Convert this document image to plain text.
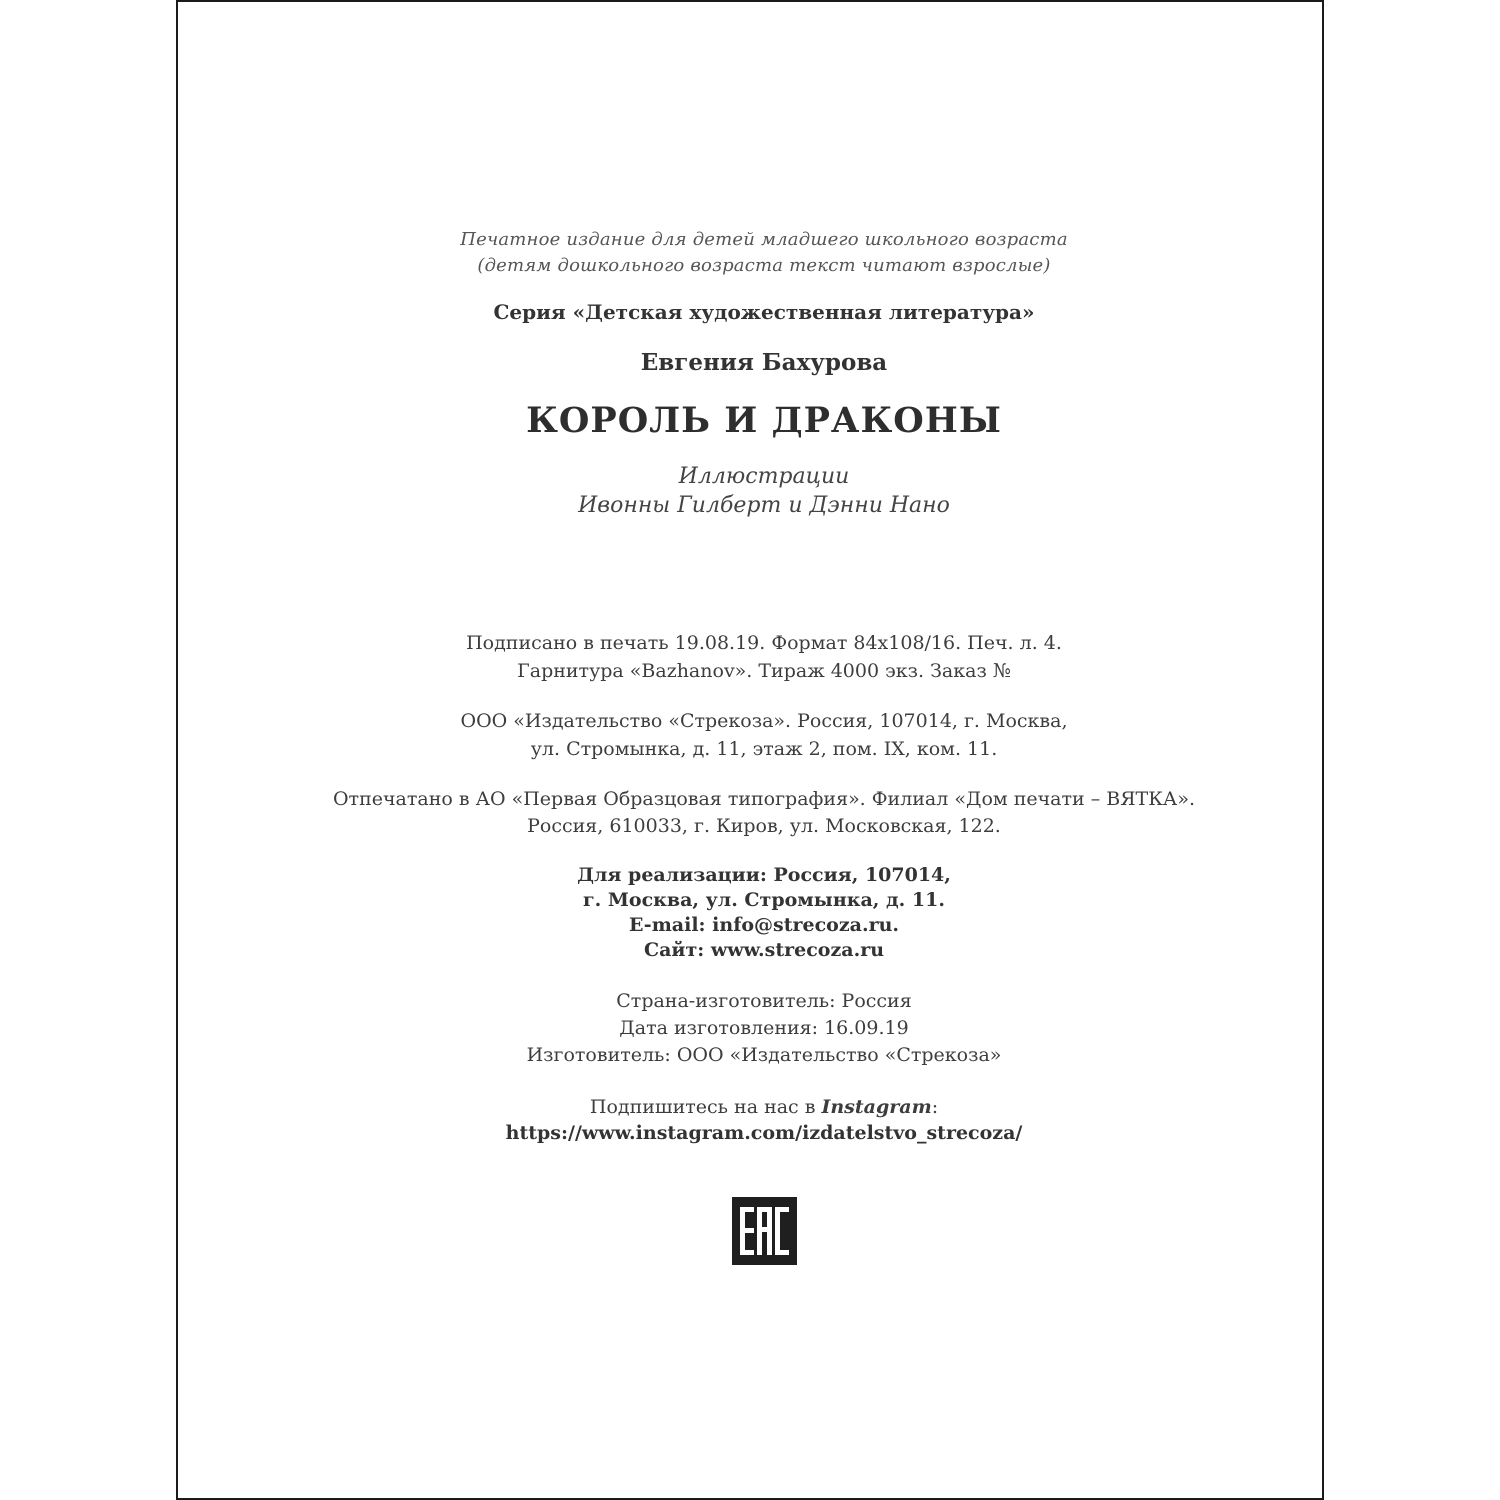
Печатное издание для детей младшего школьного возраста

(детям дошкольного возраста текст читают взрослые)

Серия «Детская художественная литература»

Евгения Бахурова

КОРОЛЬ И ДРАКОНЫ

Иллюстрации

Ивонны Гилберт и Дэнни Нано

Подписано в печать 19.08.19. Формат 84x108/16. Печ. л. 4.

Гарнитура «Bazhanov». Тираж 4000 экз. Заказ №

ООО «Издательство «Стрекоза». Россия, 107014, г. Москва,

ул. Стромынка, д. 11, этаж 2, пом. IX, ком. 11.

Отпечатано в АО «Первая Образцовая типография». Филиал «Дом печати – ВЯТКА».

Россия, 610033, г. Киров, ул. Московская, 122.

Для реализации: Россия, 107014,

г. Москва, ул. Стромынка, д. 11.

E-mail: info@strecoza.ru.

Сайт: www.strecoza.ru

Страна-изготовитель: Россия

Дата изготовления: 16.09.19

Изготовитель: ООО «Издательство «Стрекоза»

Подпишитесь на нас в Instagram:

https://www.instagram.com/izdatelstvo_strecoza/
